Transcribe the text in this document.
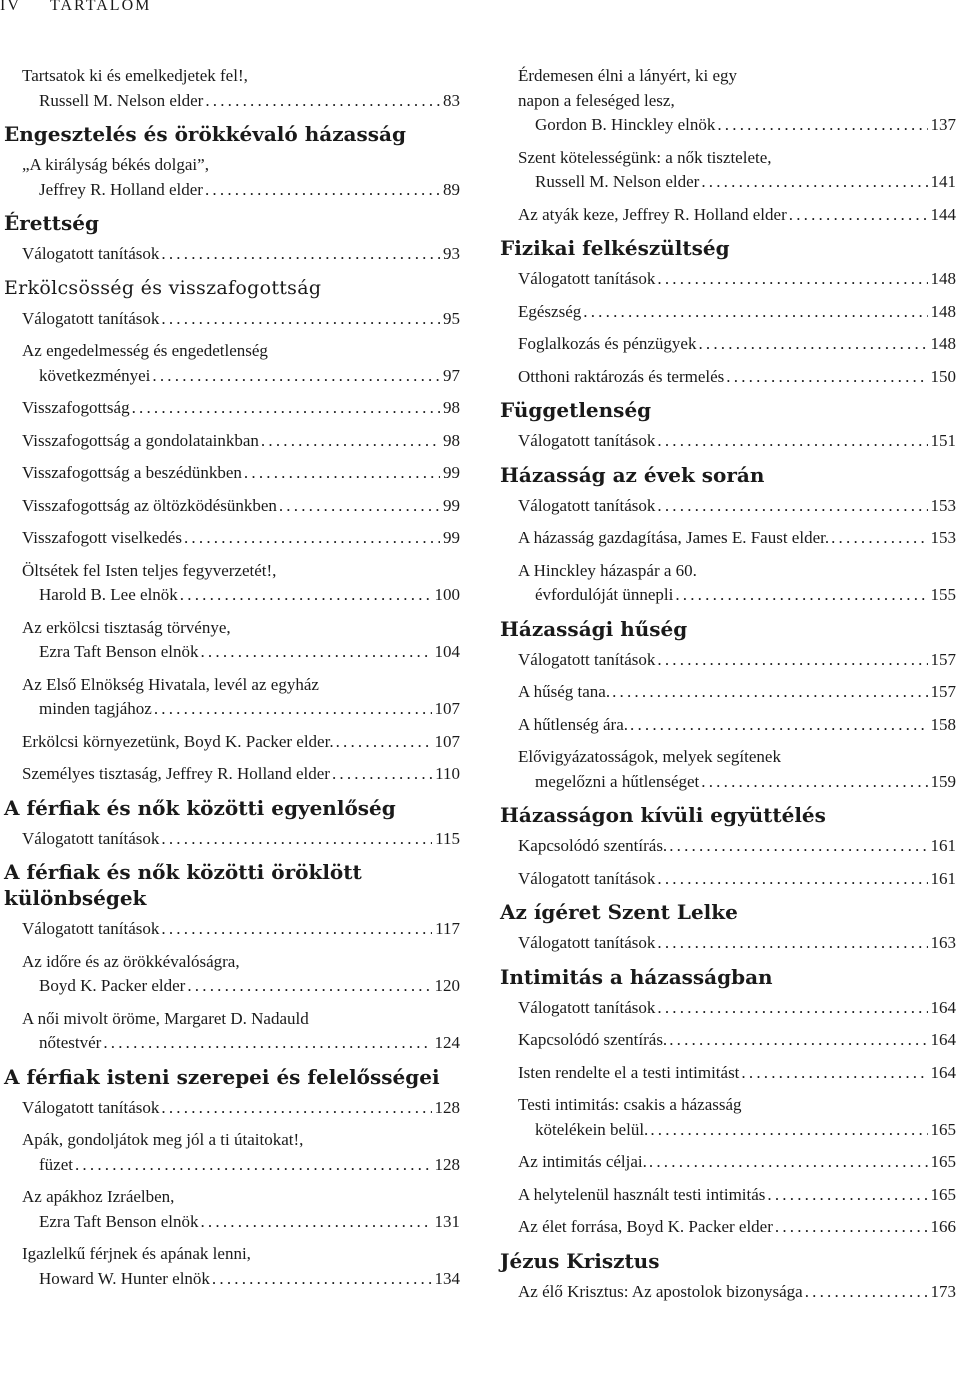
IV TARTALOM
Tartsatok ki és emelkedjetek fel!,
Russell M. Nelson elder .....	83
Engesztelés és örökkévaló házasság
„A királyság békés dolgai”,
Jeffrey R. Holland elder .....	89
Érettség
Válogatott tanítások .....	93
Erkölcsösség és visszafogottság
Válogatott tanítások .....	95
Az engedelmesség és engedetlenség
következményei .....	97
Visszafogottság .....	98
Visszafogottság a gondolatainkban .....	98
Visszafogottság a beszédünkben .....	99
Visszafogottság az öltözködésünkben .....	99
Visszafogott viselkedés .....	99
Öltsétek fel Isten teljes fegyverzetét!,
Harold B. Lee elnök .....	100
Az erkölcsi tisztaság törvénye,
Ezra Taft Benson elnök .....	104
Az Első Elnökség Hivatala, levél az egyház
minden tagjához .....	107
Erkölcsi környezetünk, Boyd K. Packer elder. .....	107
Személyes tisztaság, Jeffrey R. Holland elder .....	110
A férfiak és nők közötti egyenlőség
Válogatott tanítások .....	115
A férfiak és nők közötti öröklött különbségek
Válogatott tanítások .....	117
Az időre és az örökkévalóságra,
Boyd K. Packer elder .....	120
A női mivolt öröme, Margaret D. Nadauld
nőtestvér .....	124
A férfiak isteni szerepei és felelősségei
Válogatott tanítások .....	128
Apák, gondoljátok meg jól a ti útaitokat!,
füzet .....	128
Az apákhoz Izráelben,
Ezra Taft Benson elnök .....	131
Igazlelkű férjnek és apának lenni,
Howard W. Hunter elnök .....	134
Érdemesen élni a lányért, ki egy
napon a feleséged lesz,
Gordon B. Hinckley elnök .....	137
Szent kötelességünk: a nők tisztelete,
Russell M. Nelson elder .....	141
Az atyák keze, Jeffrey R. Holland elder .....	144
Fizikai felkészültség
Válogatott tanítások .....	148
Egészség .....	148
Foglalkozás és pénzügyek .....	148
Otthoni raktározás és termelés .....	150
Függetlenség
Válogatott tanítások .....	151
Házasság az évek során
Válogatott tanítások .....	153
A házasság gazdagítása, James E. Faust elder. .....	153
A Hinckley házaspár a 60.
évfordulóját ünnepli .....	155
Házassági hűség
Válogatott tanítások .....	157
A hűség tana. .....	157
A hűtlenség ára. .....	158
Elővigyázatosságok, melyek segítenek
megelőzni a hűtlenséget .....	159
Házasságon kívüli együttélés
Kapcsolódó szentírás. .....	161
Válogatott tanítások .....	161
Az ígéret Szent Lelke
Válogatott tanítások .....	163
Intimitás a házasságban
Válogatott tanítások .....	164
Kapcsolódó szentírás. .....	164
Isten rendelte el a testi intimitást .....	164
Testi intimitás: csakis a házasság
kötelékein belül. .....	165
Az intimitás céljai. .....	165
A helytelenül használt testi intimitás .....	165
Az élet forrása, Boyd K. Packer elder .....	166
Jézus Krisztus
Az élő Krisztus: Az apostolok bizonysága .....	173
